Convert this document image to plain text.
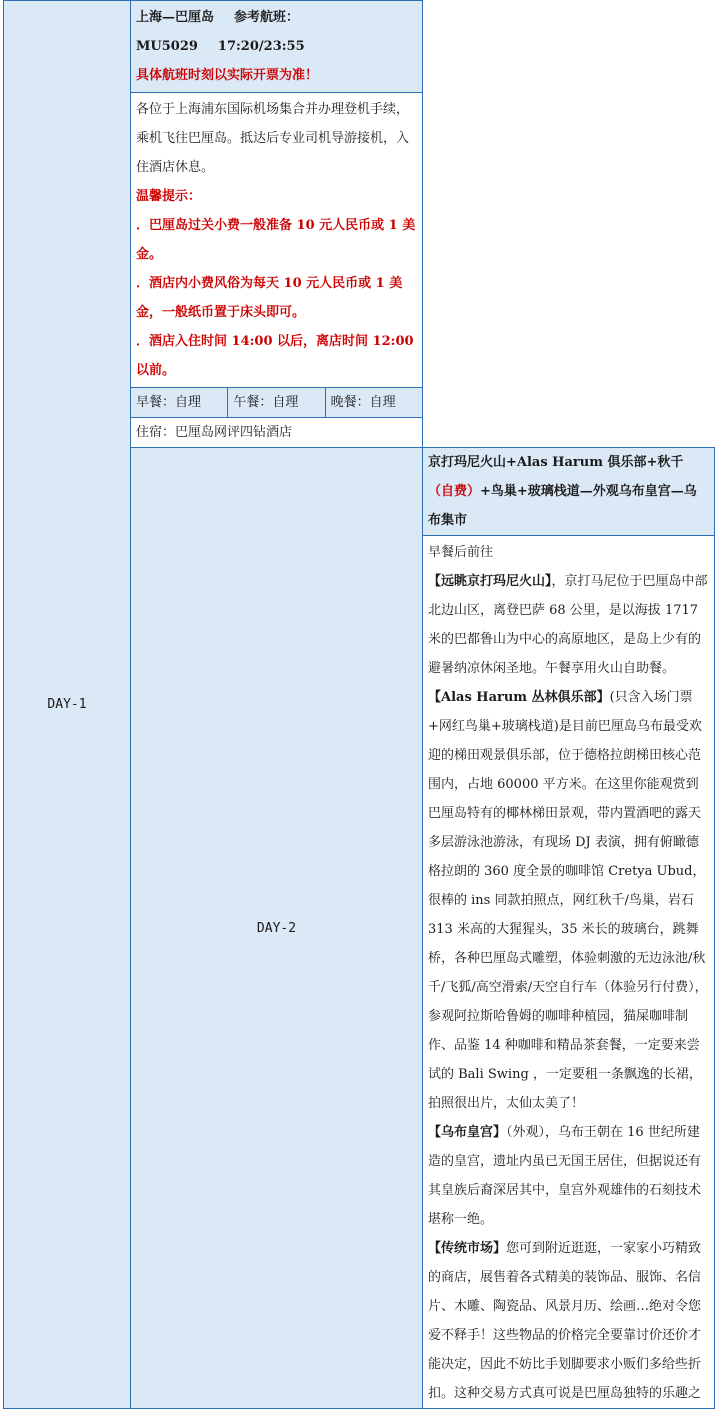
DAY-1	上海—巴厘岛 参考航班：MU5029 17:20/23:55
具体航班时刻以实际开票为准！	

	各位于上海浦东国际机场集合并办理登机手续，乘机飞往巴厘岛。抵达后专业司机导游接机，入住酒店休息。
温馨提示：
．巴厘岛过关小费一般准备 10 元人民币或 1 美金。
．酒店内小费风俗为每天 10 元人民币或 1 美金，一般纸币置于床头即可。
．酒店入住时间 14:00 以后，离店时间 12:00 以前。	

	早餐：自理 午餐：自理 晚餐：自理	

	住宿：巴厘岛网评四钻酒店	
	DAY-2	京打玛尼火山+Alas Harum 俱乐部+秋千（自费）+鸟巢+玻璃栈道—外观乌布皇宫—乌布集市

		早餐后前往
【远眺京打玛尼火山】，京打马尼位于巴厘岛中部北边山区，离登巴萨 68 公里，是以海拔 1717 米的巴都鲁山为中心的高原地区，是岛上少有的避暑纳凉休闲圣地。午餐享用火山自助餐。
【Alas Harum 丛林俱乐部】(只含入场门票+网红鸟巢+玻璃栈道)是目前巴厘岛乌布最受欢迎的梯田观景俱乐部，位于德格拉朗梯田核心范围内，占地 60000 平方米。在这里你能观赏到巴厘岛特有的椰林梯田景观，带内置酒吧的露天多层游泳池游泳，有现场 DJ 表演，拥有俯瞰德格拉朗的 360 度全景的咖啡馆 Cretya Ubud，很棒的 ins 同款拍照点，网红秋千/鸟巢，岩石 313 米高的大猩猩头，35 米长的玻璃台，跳舞桥，各种巴厘岛式雕塑，体验刺激的无边泳池/秋千/飞狐/高空滑索/天空自行车（体验另行付费），参观阿拉斯哈鲁姆的咖啡种植园，猫屎咖啡制作、品鉴 14 种咖啡和精品茶套餐，一定要来尝试的 Bali Swing ，一定要租一条飘逸的长裙，拍照很出片，太仙太美了！
【乌布皇宫】（外观），乌布王朝在 16 世纪所建造的皇宫，遗址内虽已无国王居住，但据说还有其皇族后裔深居其中，皇宫外观雄伟的石刻技术堪称一绝。
【传统市场】您可到附近逛逛，一家家小巧精致的商店，展售着各式精美的装饰品、服饰、名信片、木雕、陶瓷品、风景月历、绘画…绝对令您爱不释手！这些物品的价格完全要靠讨价还价才能决定，因此不妨比手划脚要求小贩们多给些折扣。这种交易方式真可说是巴厘岛独特的乐趣之
